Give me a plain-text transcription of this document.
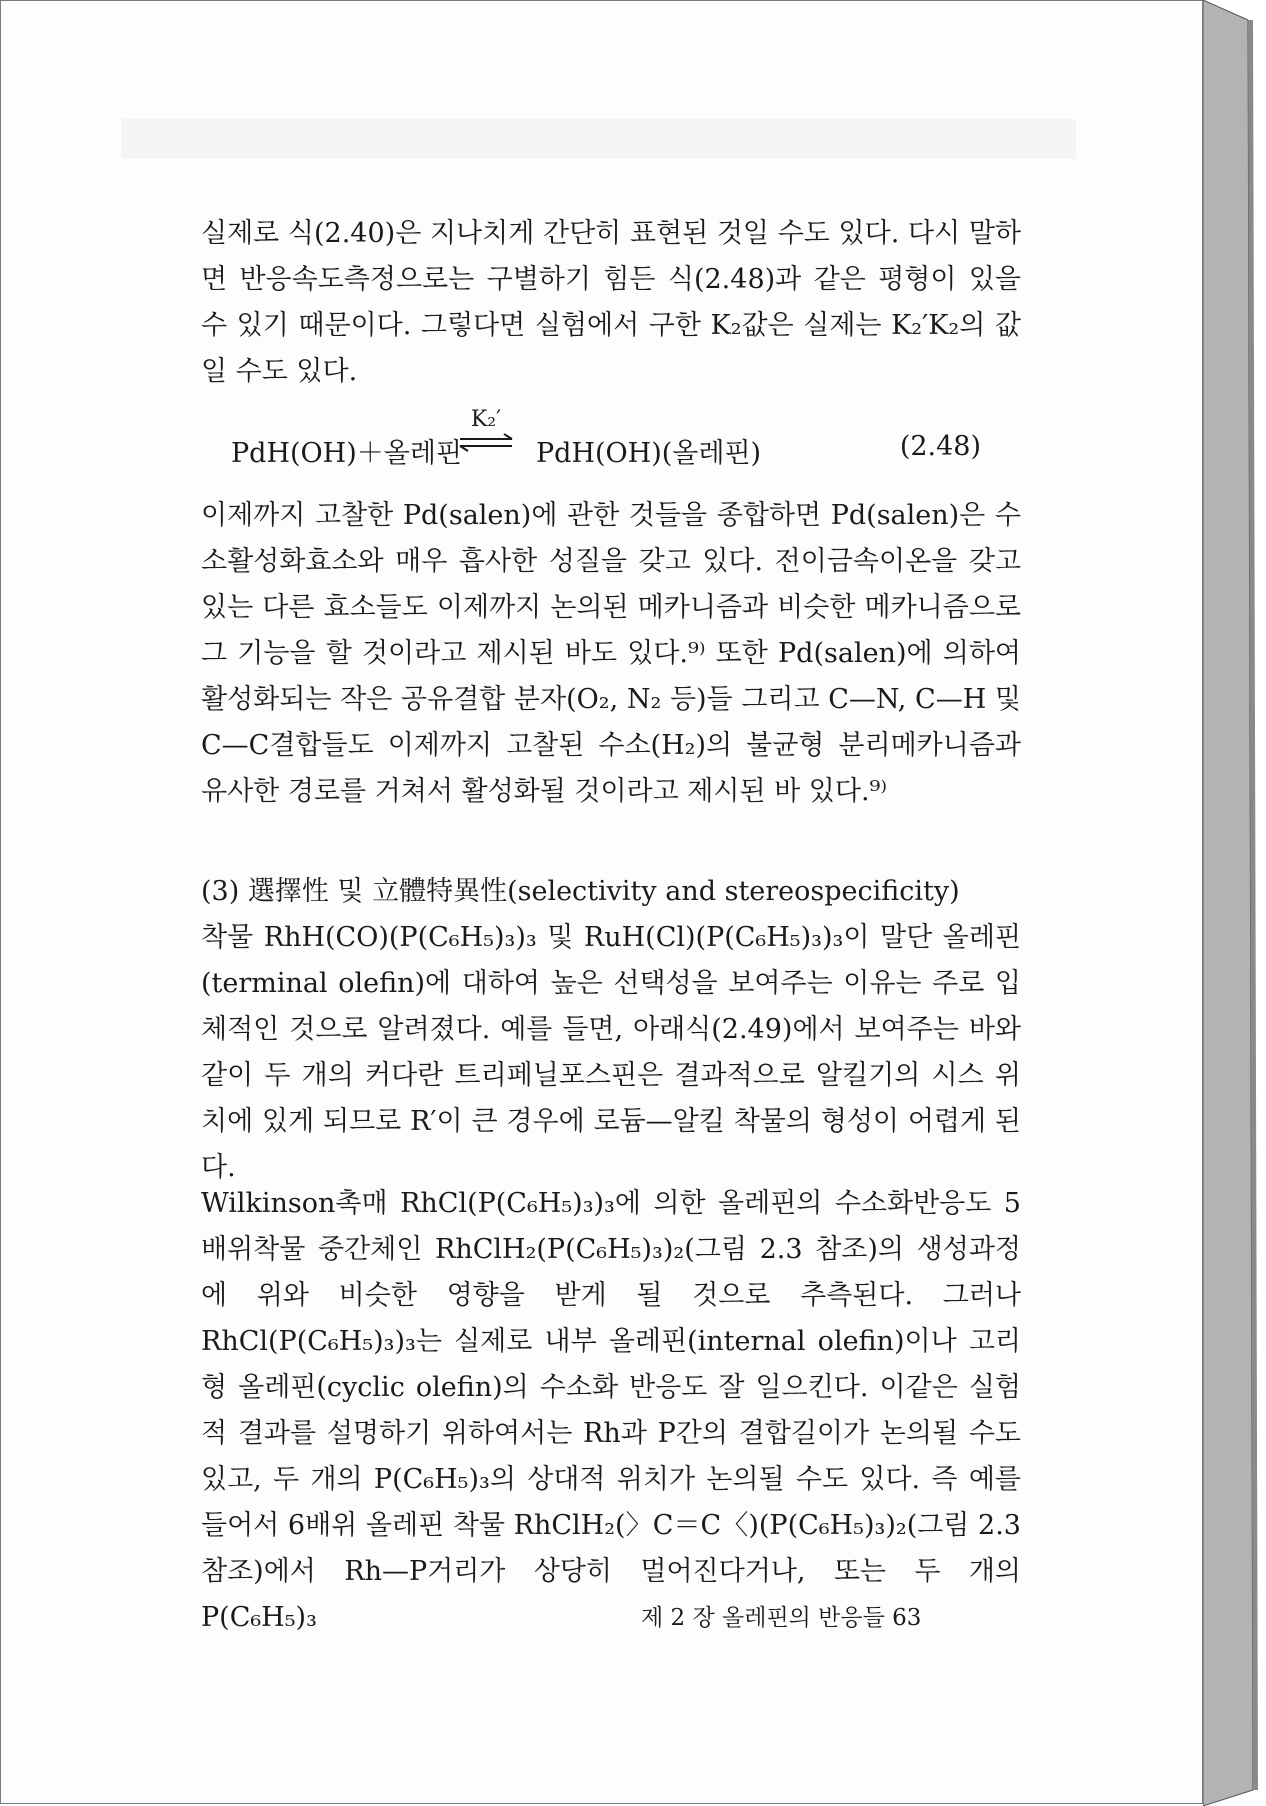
실제로 식(2.40)은 지나치게 간단히 표현된 것일 수도 있다. 다시 말하면 반응속도측정으로는 구별하기 힘든 식(2.48)과 같은 평형이 있을 수 있기 때문이다. 그렇다면 실험에서 구한 K₂값은 실제는 K₂′K₂의 값일 수도 있다.

PdH(OH)＋올레핀
K₂′
PdH(OH)(올레핀)	(2.48)

이제까지 고찰한 Pd(salen)에 관한 것들을 종합하면 Pd(salen)은 수소활성화효소와 매우 흡사한 성질을 갖고 있다. 전이금속이온을 갖고 있는 다른 효소들도 이제까지 논의된 메카니즘과 비슷한 메카니즘으로 그 기능을 할 것이라고 제시된 바도 있다.⁹⁾ 또한 Pd(salen)에 의하여 활성화되는 작은 공유결합 분자(O₂, N₂ 등)들 그리고 C—N, C—H 및 C—C결합들도 이제까지 고찰된 수소(H₂)의 불균형 분리메카니즘과 유사한 경로를 거쳐서 활성화될 것이라고 제시된 바 있다.⁹⁾

(3) 選擇性 및 立體特異性(selectivity and stereospecificity)

착물 RhH(CO)(P(C₆H₅)₃)₃ 및 RuH(Cl)(P(C₆H₅)₃)₃이 말단 올레핀(terminal olefin)에 대하여 높은 선택성을 보여주는 이유는 주로 입체적인 것으로 알려졌다. 예를 들면, 아래식(2.49)에서 보여주는 바와 같이 두 개의 커다란 트리페닐포스핀은 결과적으로 알킬기의 시스 위치에 있게 되므로 R′이 큰 경우에 로듐—알킬 착물의 형성이 어렵게 된다.

Wilkinson촉매 RhCl(P(C₆H₅)₃)₃에 의한 올레핀의 수소화반응도 5배위착물 중간체인 RhClH₂(P(C₆H₅)₃)₂(그림 2.3 참조)의 생성과정에 위와 비슷한 영향을 받게 될 것으로 추측된다. 그러나 RhCl(P(C₆H₅)₃)₃는 실제로 내부 올레핀(internal olefin)이나 고리형 올레핀(cyclic olefin)의 수소화 반응도 잘 일으킨다. 이같은 실험적 결과를 설명하기 위하여서는 Rh과 P간의 결합길이가 논의될 수도 있고, 두 개의 P(C₆H₅)₃의 상대적 위치가 논의될 수도 있다. 즉 예를 들어서 6배위 올레핀 착물 RhClH₂(〉C＝C〈)(P(C₆H₅)₃)₂(그림 2.3 참조)에서 Rh—P거리가 상당히 멀어진다거나, 또는 두 개의 P(C₆H₅)₃	제 2 장 올레핀의 반응들 63
